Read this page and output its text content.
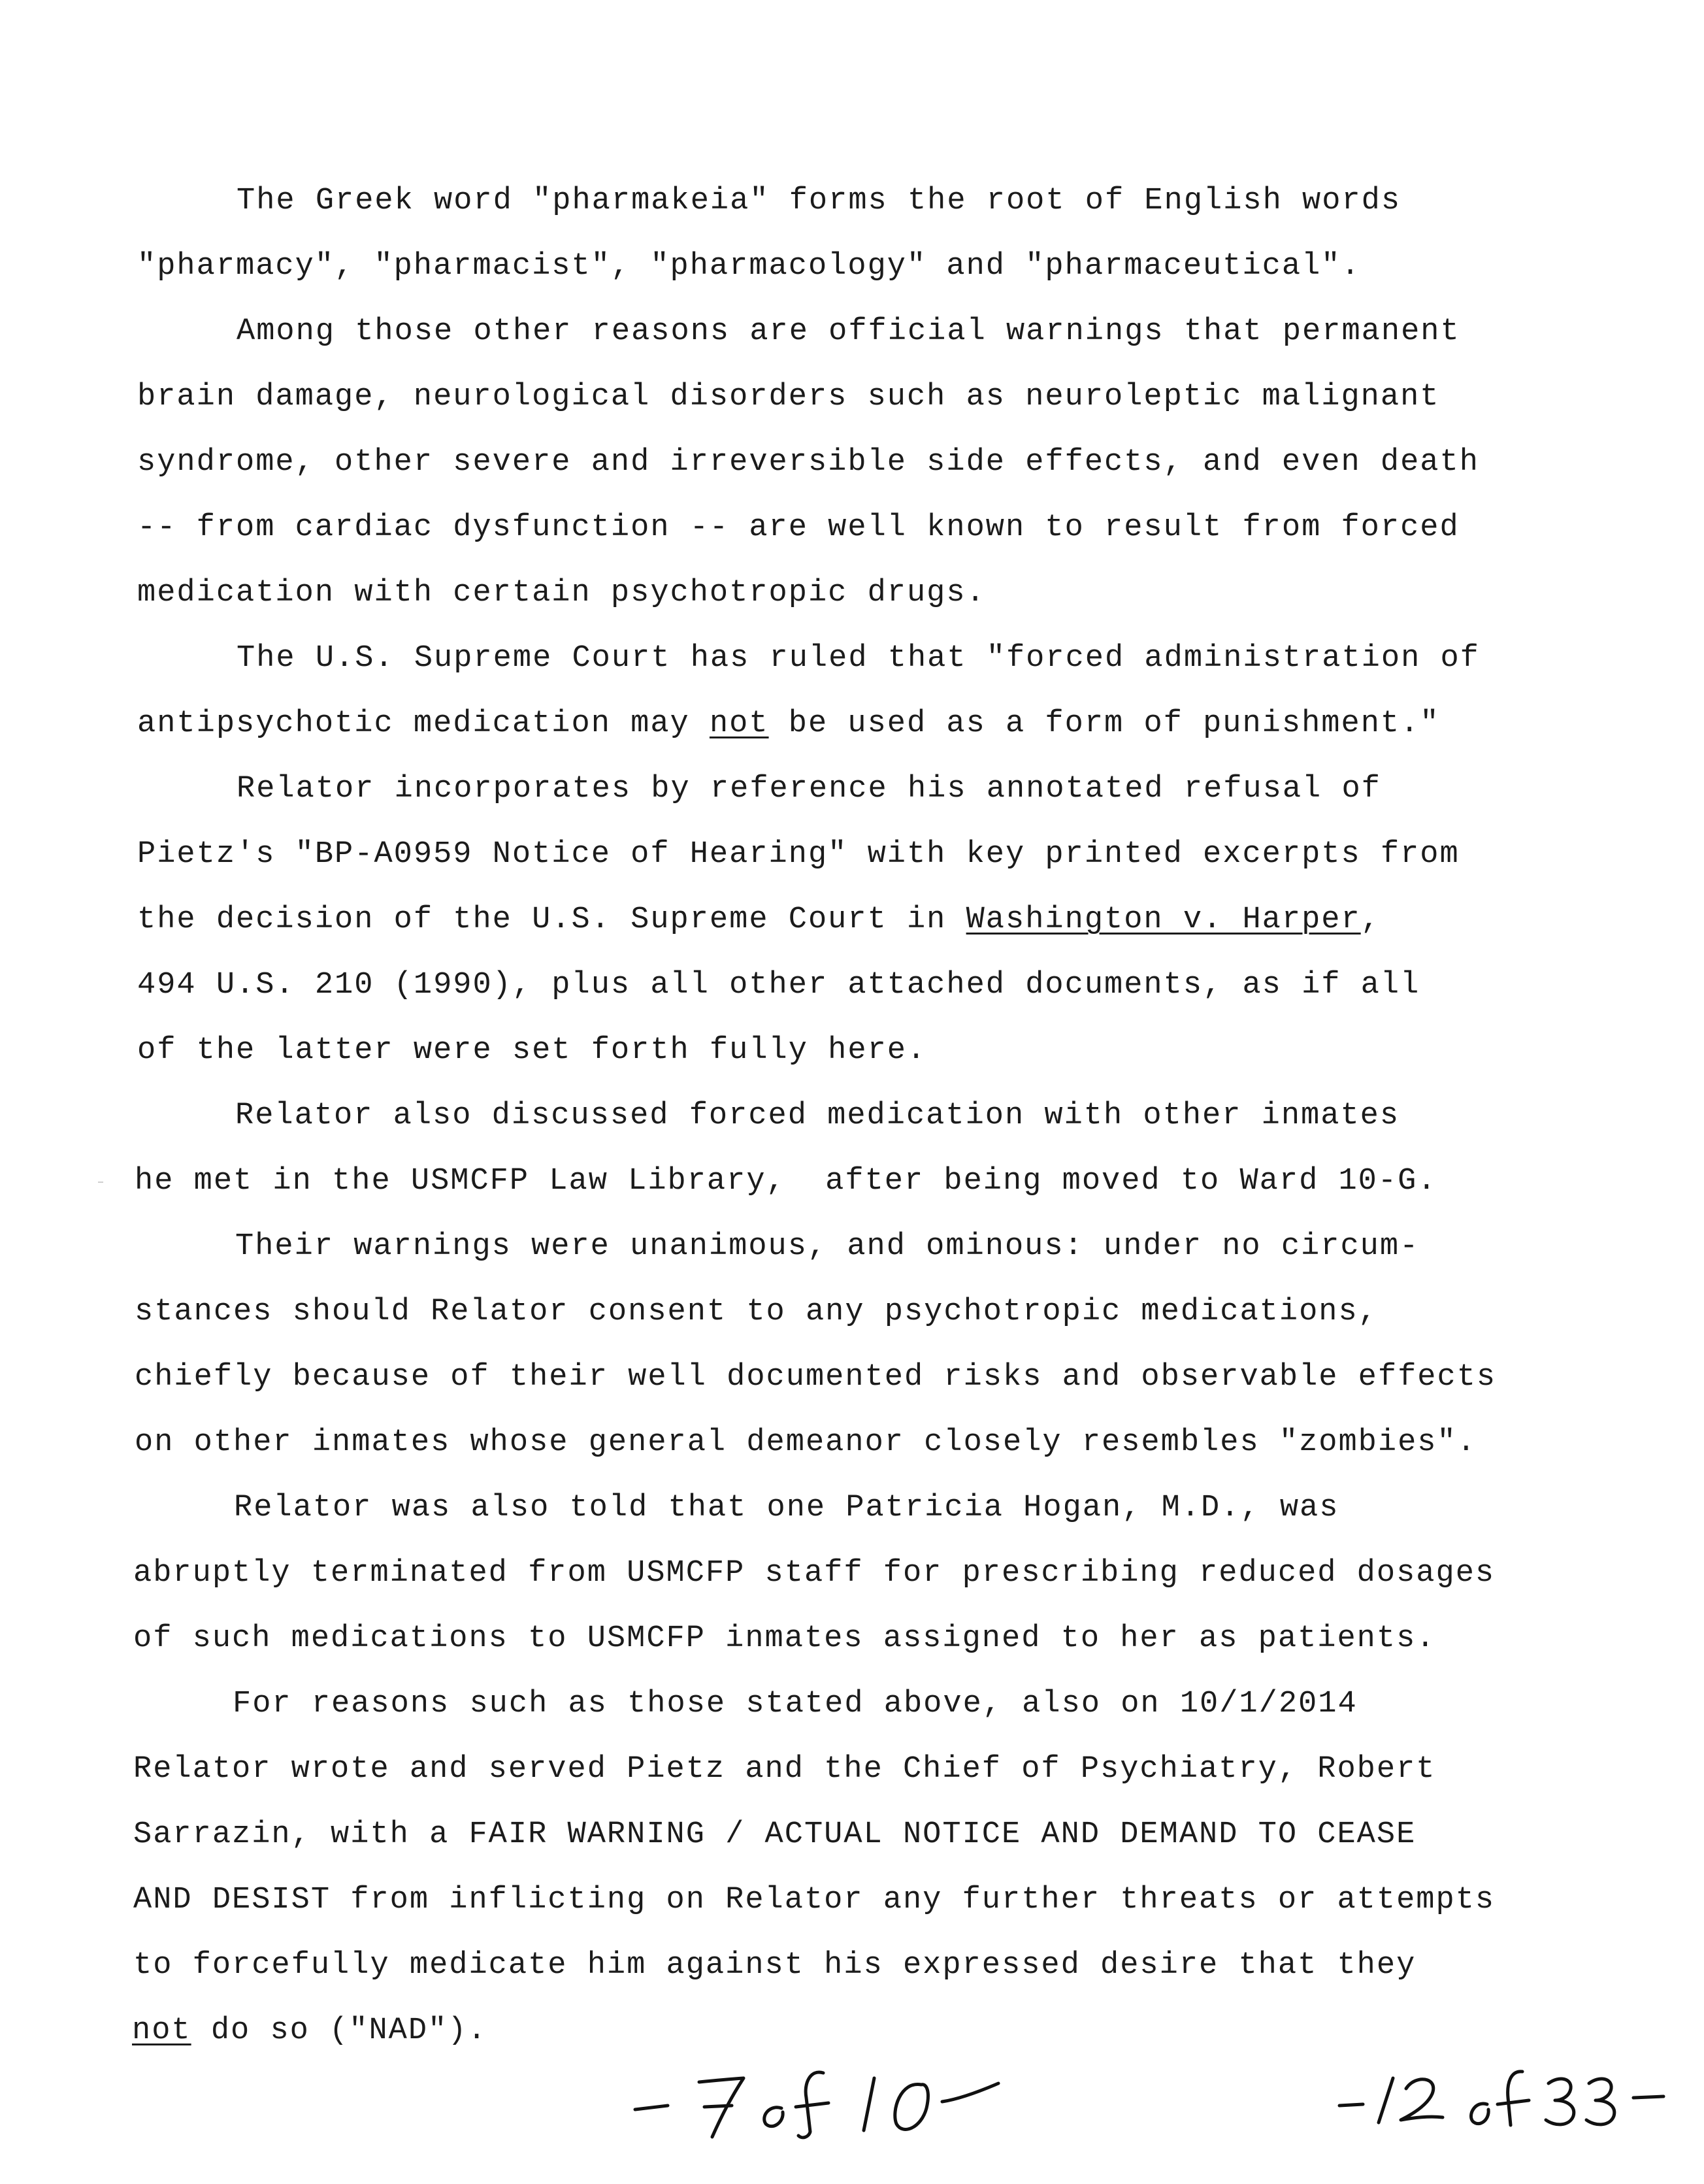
The Greek word "pharmakeia" forms the root of English words
"pharmacy", "pharmacist", "pharmacology" and "pharmaceutical".
Among those other reasons are official warnings that permanent
brain damage, neurological disorders such as neuroleptic malignant
syndrome, other severe and irreversible side effects, and even death
-- from cardiac dysfunction -- are well known to result from forced
medication with certain psychotropic drugs.
The U.S. Supreme Court has ruled that "forced administration of
antipsychotic medication may not be used as a form of punishment."
Relator incorporates by reference his annotated refusal of
Pietz's "BP-A0959 Notice of Hearing" with key printed excerpts from
the decision of the U.S. Supreme Court in Washington v. Harper,
494 U.S. 210 (1990), plus all other attached documents, as if all
of the latter were set forth fully here.
Relator also discussed forced medication with other inmates
he met in the USMCFP Law Library,  after being moved to Ward 10-G.
Their warnings were unanimous, and ominous: under no circum-
stances should Relator consent to any psychotropic medications,
chiefly because of their well documented risks and observable effects
on other inmates whose general demeanor closely resembles "zombies".
Relator was also told that one Patricia Hogan, M.D., was
abruptly terminated from USMCFP staff for prescribing reduced dosages
of such medications to USMCFP inmates assigned to her as patients.
For reasons such as those stated above, also on 10/1/2014
Relator wrote and served Pietz and the Chief of Psychiatry, Robert
Sarrazin, with a FAIR WARNING / ACTUAL NOTICE AND DEMAND TO CEASE
AND DESIST from inflicting on Relator any further threats or attempts
to forcefully medicate him against his expressed desire that they
not do so ("NAD").
